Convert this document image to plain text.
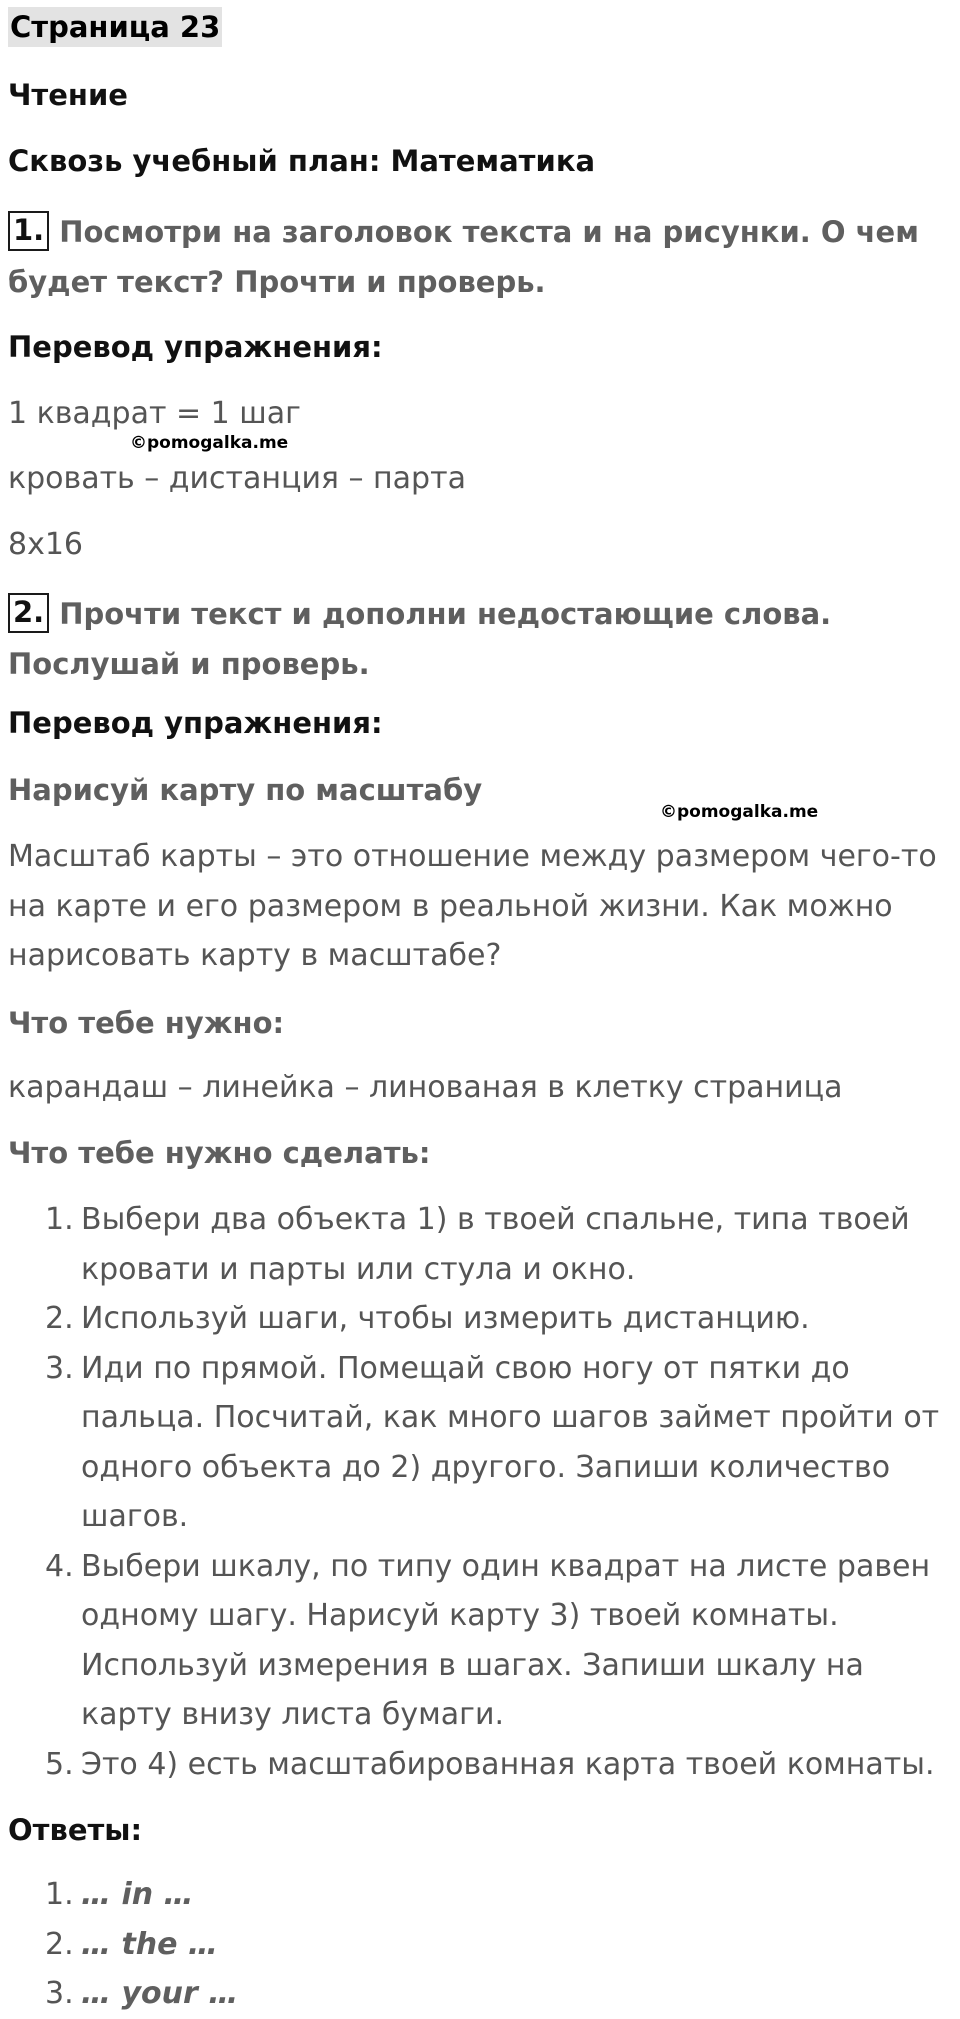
Страница 23
Чтение
Сквозь учебный план: Математика
1. Посмотри на заголовок текста и на рисунки. О чем будет текст? Прочти и проверь.
Перевод упражнения:
1 квадрат = 1 шаг
©pomogalka.me
кровать – дистанция – парта
8x16
2. Прочти текст и дополни недостающие слова. Послушай и проверь.
Перевод упражнения:
Нарисуй карту по масштабу
©pomogalka.me
Масштаб карты – это отношение между размером чего-то на карте и его размером в реальной жизни. Как можно нарисовать карту в масштабе?
Что тебе нужно:
карандаш – линейка – линованая в клетку страница
Что тебе нужно сделать:
1. Выбери два объекта 1) в твоей спальне, типа твоей кровати и парты или стула и окно.
2. Используй шаги, чтобы измерить дистанцию.
3. Иди по прямой. Помещай свою ногу от пятки до пальца. Посчитай, как много шагов займет пройти от одного объекта до 2) другого. Запиши количество шагов.
4. Выбери шкалу, по типу один квадрат на листе равен одному шагу. Нарисуй карту 3) твоей комнаты. Используй измерения в шагах. Запиши шкалу на карту внизу листа бумаги.
5. Это 4) есть масштабированная карта твоей комнаты.
Ответы:
1. … in …
2. … the …
3. … your …
